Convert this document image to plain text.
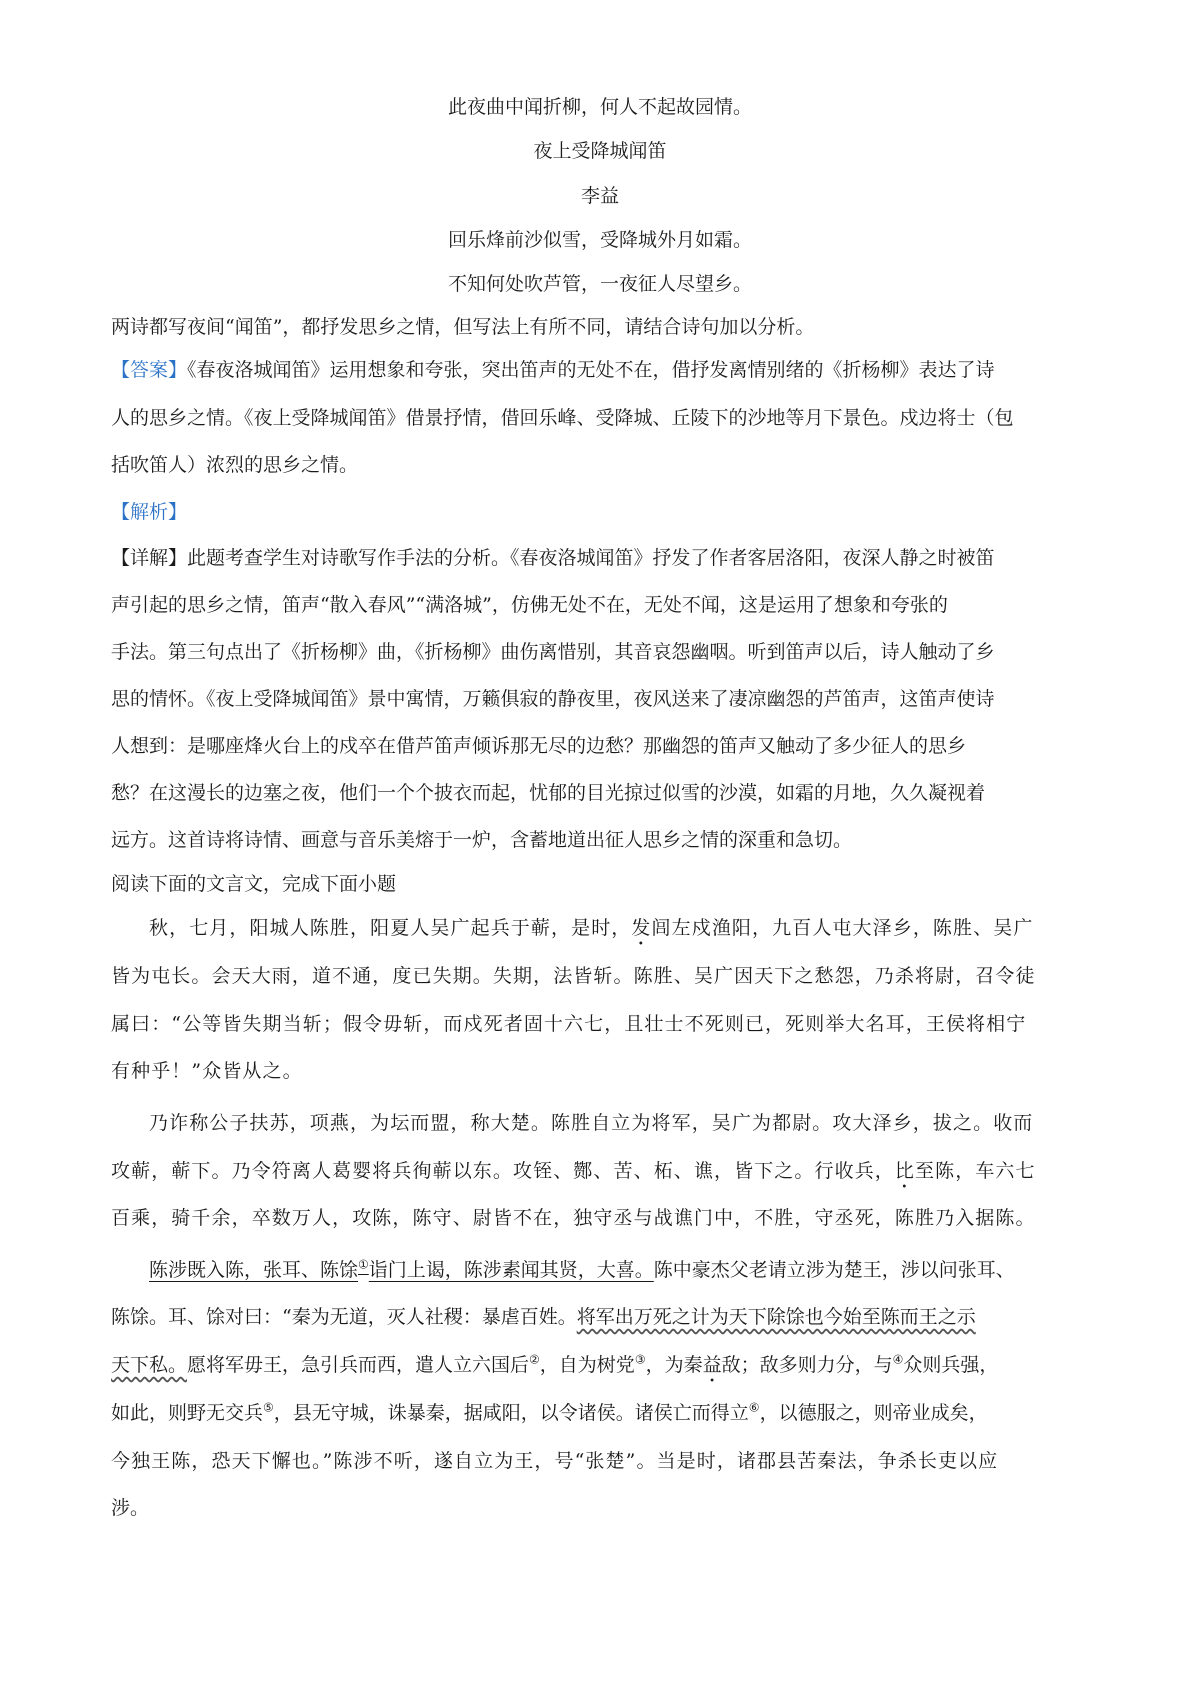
此夜曲中闻折柳，何人不起故园情。
夜上受降城闻笛
李益
回乐烽前沙似雪，受降城外月如霜。
不知何处吹芦管，一夜征人尽望乡。
两诗都写夜间“闻笛”，都抒发思乡之情，但写法上有所不同，请结合诗句加以分析。
【答案】《春夜洛城闻笛》运用想象和夸张，突出笛声的无处不在，借抒发离情别绪的《折杨柳》表达了诗
人的思乡之情。《夜上受降城闻笛》借景抒情，借回乐峰、受降城、丘陵下的沙地等月下景色。戍边将士（包
括吹笛人）浓烈的思乡之情。
【解析】
【详解】此题考查学生对诗歌写作手法的分析。《春夜洛城闻笛》抒发了作者客居洛阳，夜深人静之时被笛
声引起的思乡之情，笛声“散入春风”“满洛城”，仿佛无处不在，无处不闻，这是运用了想象和夸张的
手法。第三句点出了《折杨柳》曲，《折杨柳》曲伤离惜别，其音哀怨幽咽。听到笛声以后，诗人触动了乡
思的情怀。《夜上受降城闻笛》景中寓情，万籁俱寂的静夜里，夜风送来了凄凉幽怨的芦笛声，这笛声使诗
人想到：是哪座烽火台上的戍卒在借芦笛声倾诉那无尽的边愁？那幽怨的笛声又触动了多少征人的思乡
愁？在这漫长的边塞之夜，他们一个个披衣而起，忧郁的目光掠过似雪的沙漠，如霜的月地，久久凝视着
远方。这首诗将诗情、画意与音乐美熔于一炉，含蓄地道出征人思乡之情的深重和急切。
阅读下面的文言文，完成下面小题
秋，七月，阳城人陈胜，阳夏人吴广起兵于蕲，是时，发闾左戍渔阳，九百人屯大泽乡，陈胜、吴广
皆为屯长。会天大雨，道不通，度已失期。失期，法皆斩。陈胜、吴广因天下之愁怨，乃杀将尉，召令徒
属曰：“公等皆失期当斩；假令毋斩，而戍死者固十六七，且壮士不死则已，死则举大名耳，王侯将相宁
有种乎！”众皆从之。
乃诈称公子扶苏，项燕，为坛而盟，称大楚。陈胜自立为将军，吴广为都尉。攻大泽乡，拔之。收而
攻蕲，蕲下。乃令符离人葛婴将兵徇蕲以东。攻铚、酂、苦、柘、谯，皆下之。行收兵，比至陈，车六七
百乘，骑千余，卒数万人，攻陈，陈守、尉皆不在，独守丞与战谯门中，不胜，守丞死，陈胜乃入据陈。
陈涉既入陈，张耳、陈馀①诣门上谒，陈涉素闻其贤，大喜。陈中豪杰父老请立涉为楚王，涉以问张耳、
陈馀。耳、馀对曰：“秦为无道，灭人社稷：暴虐百姓。将军出万死之计为天下除馀也今始至陈而王之示
天下私。愿将军毋王，急引兵而西，遣人立六国后②，自为树党③，为秦益敌；敌多则力分，与④众则兵强，
如此，则野无交兵⑤，县无守城，诛暴秦，据咸阳，以令诸侯。诸侯亡而得立⑥，以德服之，则帝业成矣，
今独王陈，恐天下懈也。”陈涉不听，遂自立为王，号“张楚”。当是时，诸郡县苦秦法，争杀长吏以应
涉。
